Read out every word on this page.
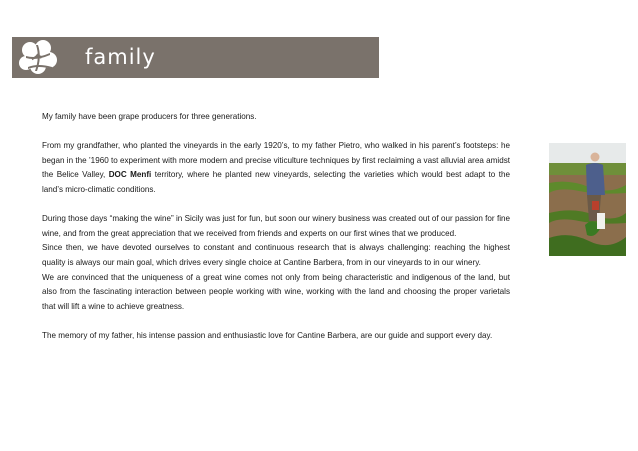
family

My family have been grape producers for three generations.

From my grandfather, who planted the vineyards in the early 1920’s, to my father Pietro, who walked in his parent’s footsteps: he began in the ’1960 to experiment with more modern and precise viticulture techniques by first reclaiming a vast alluvial area amidst the Belice Valley, DOC Menfi territory, where he planted new vineyards, selecting the varieties which would best adapt to the land’s micro-climatic conditions.

During those days “making the wine” in Sicily was just for fun, but soon our winery business was created out of our passion for fine wine, and from the great appreciation that we received from friends and experts on our first wines that we produced.

Since then, we have devoted ourselves to constant and continuous research that is always challenging: reaching the highest quality is always our main goal, which drives every single choice at Cantine Barbera, from in our vineyards to in our winery.

We are convinced that the uniqueness of a great wine comes not only from being characteristic and indigenous of the land, but also from the fascinating interaction between people working with wine, working with the land and choosing the proper varietals that will lift a wine to achieve greatness.

The memory of my father, his intense passion and enthusiastic love for Cantine Barbera, are our guide and support every day.
